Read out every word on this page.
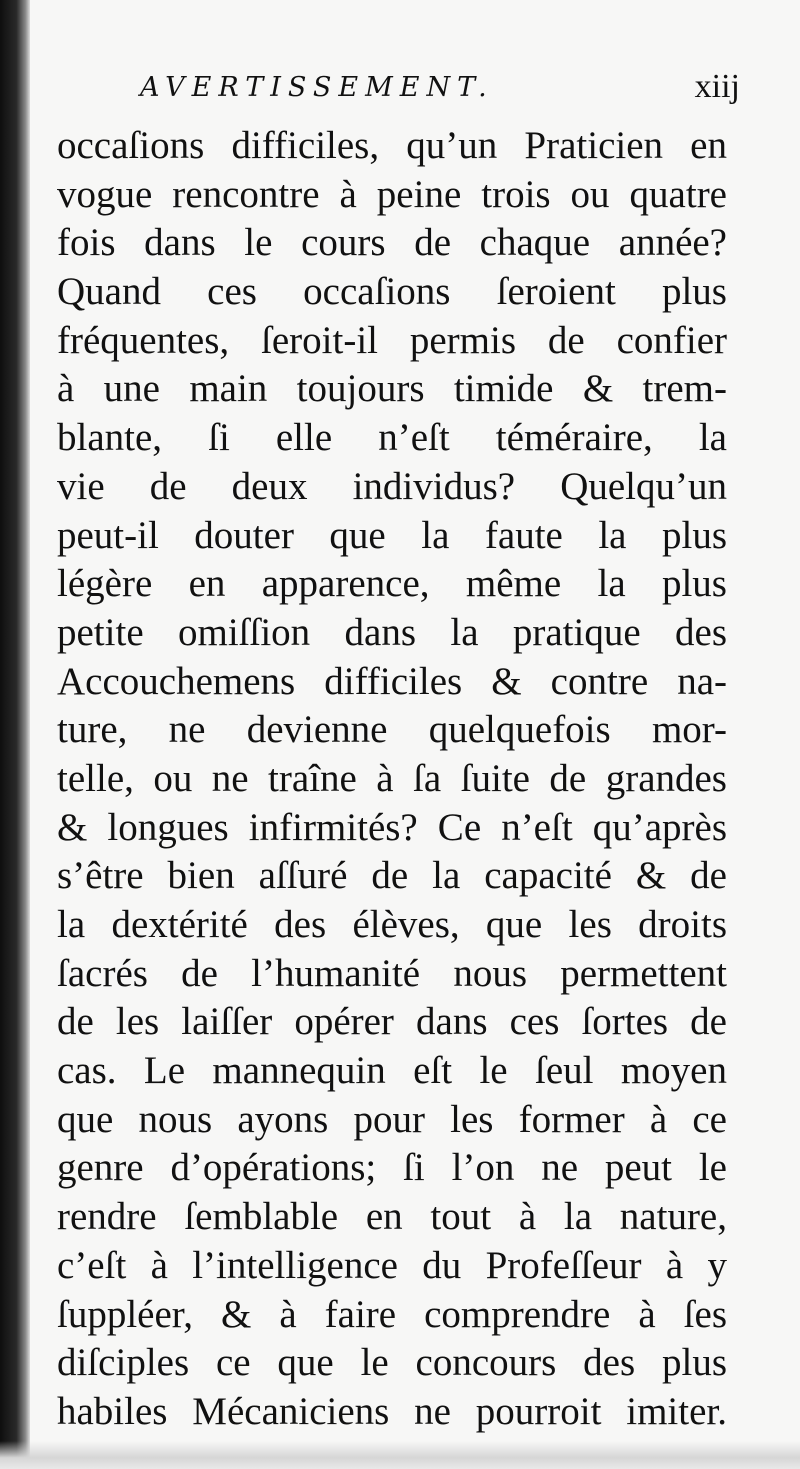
AVERTISSEMENT.	xiij
occaſions difficiles, qu’un Praticien en
vogue rencontre à peine trois ou quatre
fois dans le cours de chaque année?
Quand ces occaſions ſeroient plus
fréquentes, ſeroit-il permis de confier
à une main toujours timide & trem-
blante, ſi elle n’eſt téméraire, la
vie de deux individus? Quelqu’un
peut-il douter que la faute la plus
légère en apparence, même la plus
petite omiſſion dans la pratique des
Accouchemens difficiles & contre na-
ture, ne devienne quelquefois mor-
telle, ou ne traîne à ſa ſuite de grandes
& longues infirmités? Ce n’eſt qu’après
s’être bien aſſuré de la capacité & de
la dextérité des élèves, que les droits
ſacrés de l’humanité nous permettent
de les laiſſer opérer dans ces ſortes de
cas. Le mannequin eſt le ſeul moyen
que nous ayons pour les former à ce
genre d’opérations; ſi l’on ne peut le
rendre ſemblable en tout à la nature,
c’eſt à l’intelligence du Profeſſeur à y
ſuppléer, & à faire comprendre à ſes
diſciples ce que le concours des plus
habiles Mécaniciens ne pourroit imiter.
